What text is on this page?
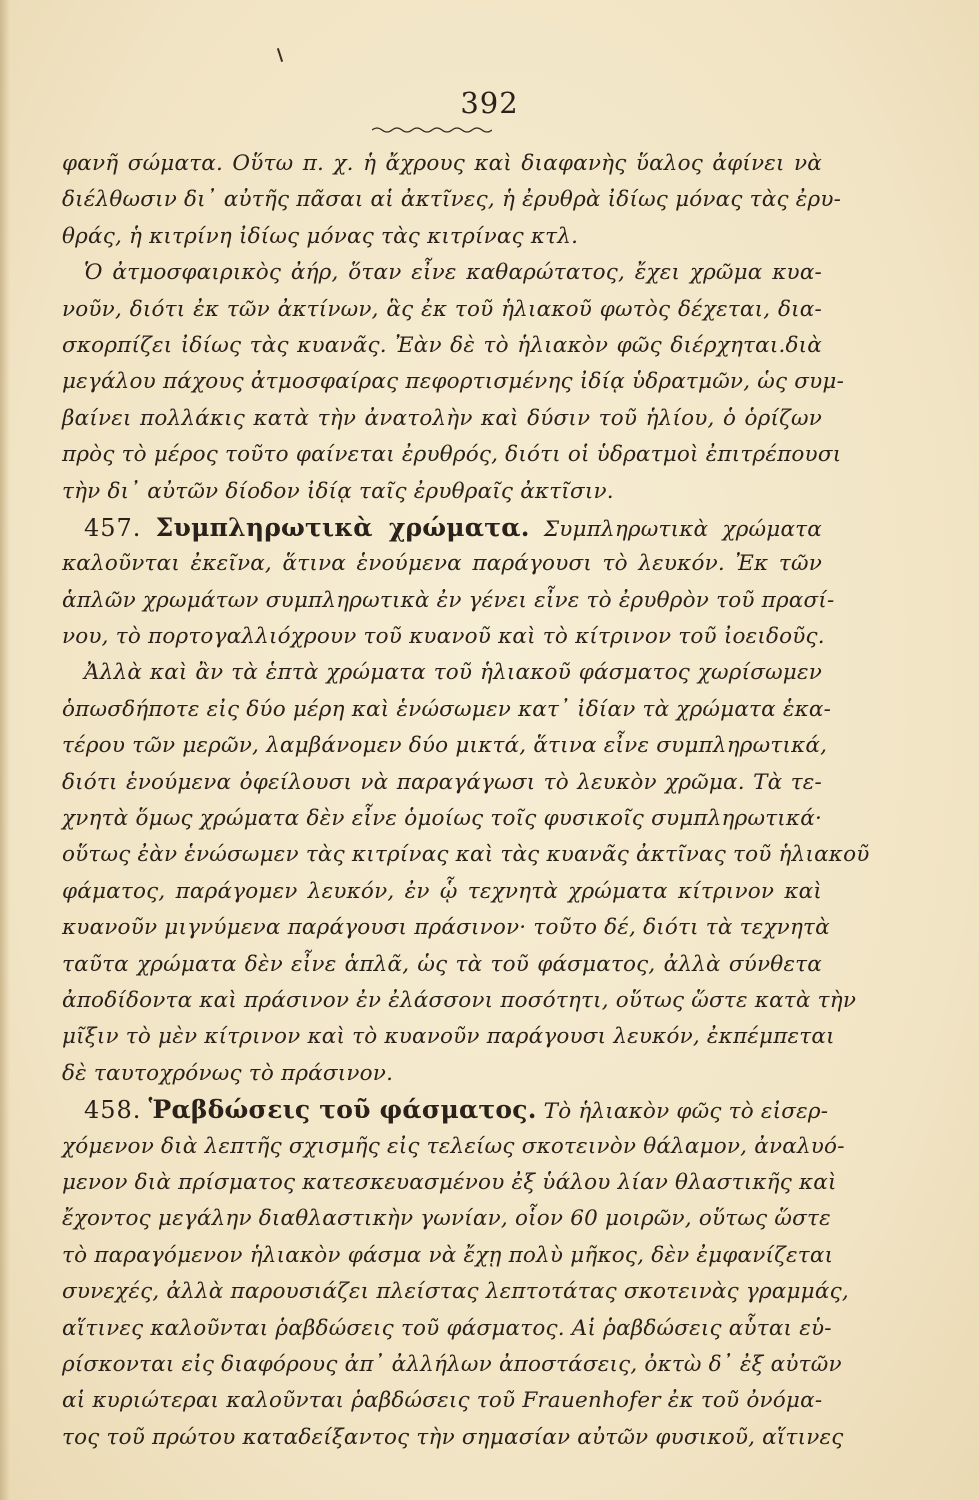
392
φανῆ σώματα. Οὕτω π. χ. ἡ ἄχρους καὶ διαφανὴς ὕαλος ἀφίνει νὰ
διέλθωσιν δι᾽ αὐτῆς πᾶσαι αἱ ἀκτῖνες, ἡ ἐρυθρὰ ἰδίως μόνας τὰς ἐρυ-
θράς, ἡ κιτρίνη ἰδίως μόνας τὰς κιτρίνας κτλ.
Ὁ ἀτμοσφαιρικὸς ἀήρ, ὅταν εἶνε καθαρώτατος, ἔχει χρῶμα κυα-
νοῦν, διότι ἐκ τῶν ἀκτίνων, ἃς ἐκ τοῦ ἡλιακοῦ φωτὸς δέχεται, δια-
σκορπίζει ἰδίως τὰς κυανᾶς. Ἐὰν δὲ τὸ ἡλιακὸν φῶς διέρχηται.διὰ
μεγάλου πάχους ἀτμοσφαίρας πεφορτισμένης ἰδίᾳ ὑδρατμῶν, ὡς συμ-
βαίνει πολλάκις κατὰ τὴν ἀνατολὴν καὶ δύσιν τοῦ ἡλίου, ὁ ὁρίζων
πρὸς τὸ μέρος τοῦτο φαίνεται ἐρυθρός, διότι οἱ ὑδρατμοὶ ἐπιτρέπουσι
τὴν δι᾽ αὐτῶν δίοδον ἰδίᾳ ταῖς ἐρυθραῖς ἀκτῖσιν.
457. Συμπληρωτικὰ χρώματα. Συμπληρωτικὰ χρώματα
καλοῦνται ἐκεῖνα, ἅτινα ἑνούμενα παράγουσι τὸ λευκόν. Ἐκ τῶν
ἁπλῶν χρωμάτων συμπληρωτικὰ ἐν γένει εἶνε τὸ ἐρυθρὸν τοῦ πρασί-
νου, τὸ πορτογαλλιόχρουν τοῦ κυανοῦ καὶ τὸ κίτρινον τοῦ ἰοειδοῦς.
Ἀλλὰ καὶ ἂν τὰ ἑπτὰ χρώματα τοῦ ἡλιακοῦ φάσματος χωρίσωμεν
ὁπωσδήποτε εἰς δύο μέρη καὶ ἑνώσωμεν κατ᾽ ἰδίαν τὰ χρώματα ἑκα-
τέρου τῶν μερῶν, λαμβάνομεν δύο μικτά, ἅτινα εἶνε συμπληρωτικά,
διότι ἑνούμενα ὀφείλουσι νὰ παραγάγωσι τὸ λευκὸν χρῶμα. Τὰ τε-
χνητὰ ὅμως χρώματα δὲν εἶνε ὁμοίως τοῖς φυσικοῖς συμπληρωτικά·
οὕτως ἐὰν ἑνώσωμεν τὰς κιτρίνας καὶ τὰς κυανᾶς ἀκτῖνας τοῦ ἡλιακοῦ
φάματος, παράγομεν λευκόν, ἐν ᾧ τεχνητὰ χρώματα κίτρινον καὶ
κυανοῦν μιγνύμενα παράγουσι πράσινον· τοῦτο δέ, διότι τὰ τεχνητὰ
ταῦτα χρώματα δὲν εἶνε ἁπλᾶ, ὡς τὰ τοῦ φάσματος, ἀλλὰ σύνθετα
ἀποδίδοντα καὶ πράσινον ἐν ἐλάσσονι ποσότητι, οὕτως ὥστε κατὰ τὴν
μῖξιν τὸ μὲν κίτρινον καὶ τὸ κυανοῦν παράγουσι λευκόν, ἐκπέμπεται
δὲ ταυτοχρόνως τὸ πράσινον.
458. Ῥαβδώσεις τοῦ φάσματος. Τὸ ἡλιακὸν φῶς τὸ εἰσερ-
χόμενον διὰ λεπτῆς σχισμῆς εἰς τελείως σκοτεινὸν θάλαμον, ἀναλυό-
μενον διὰ πρίσματος κατεσκευασμένου ἐξ ὑάλου λίαν θλαστικῆς καὶ
ἔχοντος μεγάλην διαθλαστικὴν γωνίαν, οἷον 60 μοιρῶν, οὕτως ὥστε
τὸ παραγόμενον ἡλιακὸν φάσμα νὰ ἔχῃ πολὺ μῆκος, δὲν ἐμφανίζεται
συνεχές, ἀλλὰ παρουσιάζει πλείστας λεπτοτάτας σκοτεινὰς γραμμάς,
αἵτινες καλοῦνται ῥαβδώσεις τοῦ φάσματος. Αἱ ῥαβδώσεις αὗται εὑ-
ρίσκονται εἰς διαφόρους ἀπ᾽ ἀλλήλων ἀποστάσεις, ὀκτὼ δ᾽ ἐξ αὐτῶν
αἱ κυριώτεραι καλοῦνται ῥαβδώσεις τοῦ Frauenhofer ἐκ τοῦ ὀνόμα-
τος τοῦ πρώτου καταδείξαντος τὴν σημασίαν αὐτῶν φυσικοῦ, αἵτινες
